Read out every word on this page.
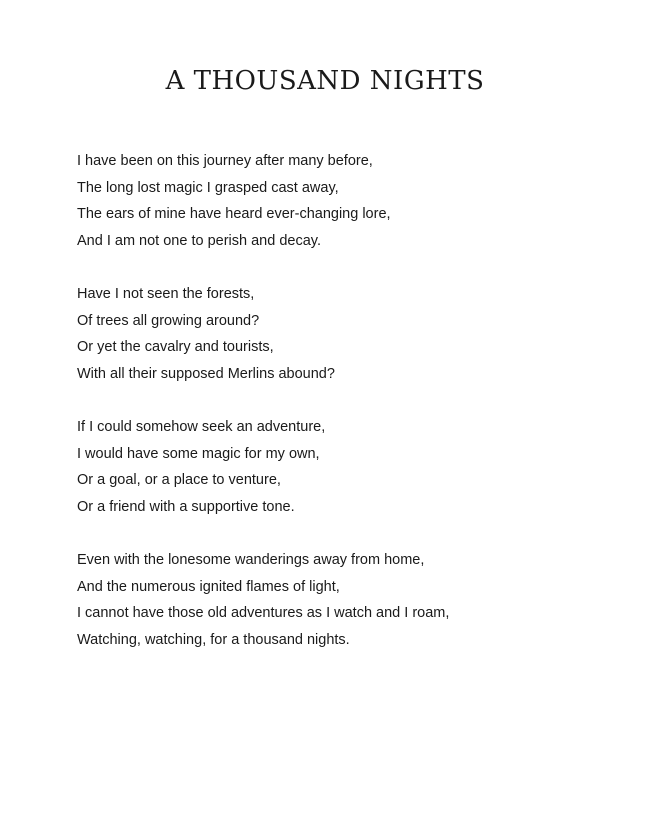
A THOUSAND NIGHTS
I have been on this journey after many before,
The long lost magic I grasped cast away,
The ears of mine have heard ever-changing lore,
And I am not one to perish and decay.
Have I not seen the forests,
Of trees all growing around?
Or yet the cavalry and tourists,
With all their supposed Merlins abound?
If I could somehow seek an adventure,
I would have some magic for my own,
Or a goal, or a place to venture,
Or a friend with a supportive tone.
Even with the lonesome wanderings away from home,
And the numerous ignited flames of light,
I cannot have those old adventures as I watch and I roam,
Watching, watching, for a thousand nights.
